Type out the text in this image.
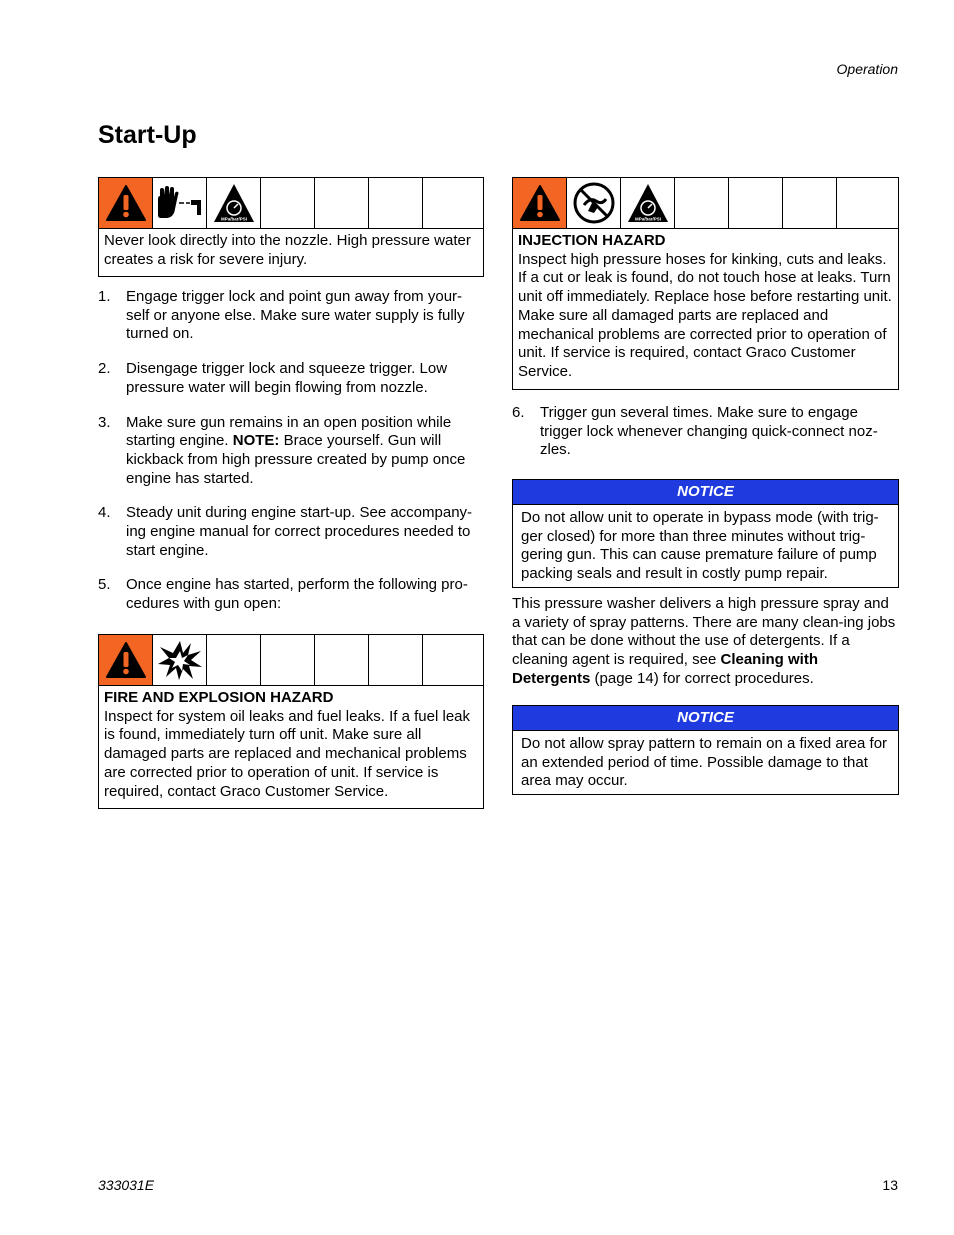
Operation
Start-Up
MPa/bar/PSI
Never look directly into the nozzle. High pressure water creates a risk for severe injury.
1. Engage trigger lock and point gun away from your-self or anyone else. Make sure water supply is fully turned on.
2. Disengage trigger lock and squeeze trigger. Low pressure water will begin flowing from nozzle.
3. Make sure gun remains in an open position while starting engine. NOTE: Brace yourself. Gun will kickback from high pressure created by pump once engine has started.
4. Steady unit during engine start-up. See accompany-ing engine manual for correct procedures needed to start engine.
5. Once engine has started, perform the following pro-cedures with gun open:
FIRE AND EXPLOSION HAZARD
Inspect for system oil leaks and fuel leaks. If a fuel leak is found, immediately turn off unit. Make sure all damaged parts are replaced and mechanical problems are corrected prior to operation of unit. If service is required, contact Graco Customer Service.
MPa/bar/PSI
INJECTION HAZARD
Inspect high pressure hoses for kinking, cuts and leaks. If a cut or leak is found, do not touch hose at leaks. Turn unit off immediately. Replace hose before restarting unit. Make sure all damaged parts are replaced and mechanical problems are corrected prior to operation of unit. If service is required, contact Graco Customer Service.
6. Trigger gun several times. Make sure to engage trigger lock whenever changing quick-connect noz-zles.
NOTICE
Do not allow unit to operate in bypass mode (with trig-ger closed) for more than three minutes without trig-gering gun. This can cause premature failure of pump packing seals and result in costly pump repair.
This pressure washer delivers a high pressure spray and a variety of spray patterns. There are many clean-ing jobs that can be done without the use of detergents. If a cleaning agent is required, see Cleaning with Detergents (page 14) for correct procedures.
NOTICE
Do not allow spray pattern to remain on a fixed area for an extended period of time. Possible damage to that area may occur.
333031E	13
